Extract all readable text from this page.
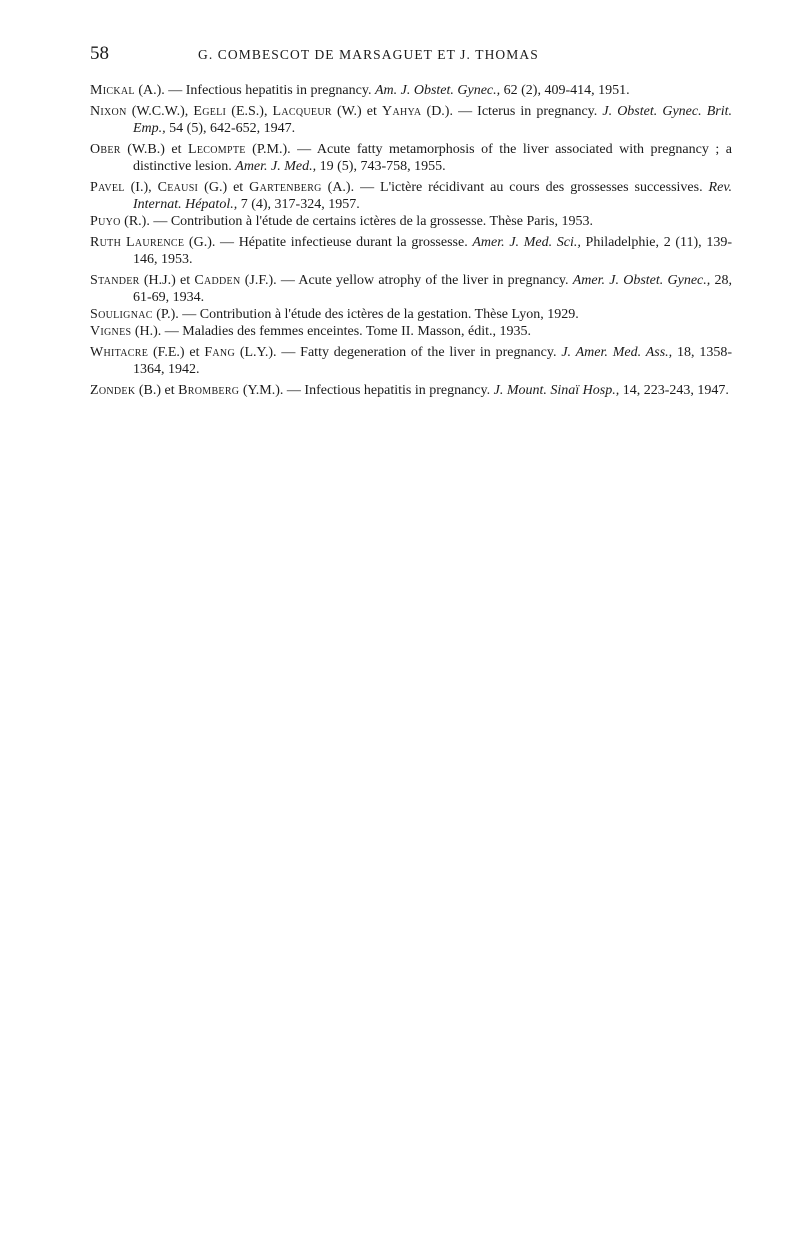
58	G. COMBESCOT DE MARSAGUET ET J. THOMAS
Mickal (A.). — Infectious hepatitis in pregnancy. Am. J. Obstet. Gynec., 62 (2), 409-414, 1951.
Nixon (W.C.W.), Egeli (E.S.), Lacqueur (W.) et Yahya (D.). — Icterus in pregnancy. J. Obstet. Gynec. Brit. Emp., 54 (5), 642-652, 1947.
Ober (W.B.) et Lecompte (P.M.). — Acute fatty metamorphosis of the liver associated with pregnancy ; a distinctive lesion. Amer. J. Med., 19 (5), 743-758, 1955.
Pavel (I.), Ceausi (G.) et Gartenberg (A.). — L'ictère récidivant au cours des grossesses successives. Rev. Internat. Hépatol., 7 (4), 317-324, 1957.
Puyo (R.). — Contribution à l'étude de certains ictères de la grossesse. Thèse Paris, 1953.
Ruth Laurence (G.). — Hépatite infectieuse durant la grossesse. Amer. J. Med. Sci., Philadelphie, 2 (11), 139-146, 1953.
Stander (H.J.) et Cadden (J.F.). — Acute yellow atrophy of the liver in pregnancy. Amer. J. Obstet. Gynec., 28, 61-69, 1934.
Soulignac (P.). — Contribution à l'étude des ictères de la gestation. Thèse Lyon, 1929.
Vignes (H.). — Maladies des femmes enceintes. Tome II. Masson, édit., 1935.
Whitacre (F.E.) et Fang (L.Y.). — Fatty degeneration of the liver in pregnancy. J. Amer. Med. Ass., 18, 1358-1364, 1942.
Zondek (B.) et Bromberg (Y.M.). — Infectious hepatitis in pregnancy. J. Mount. Sinaï Hosp., 14, 223-243, 1947.
